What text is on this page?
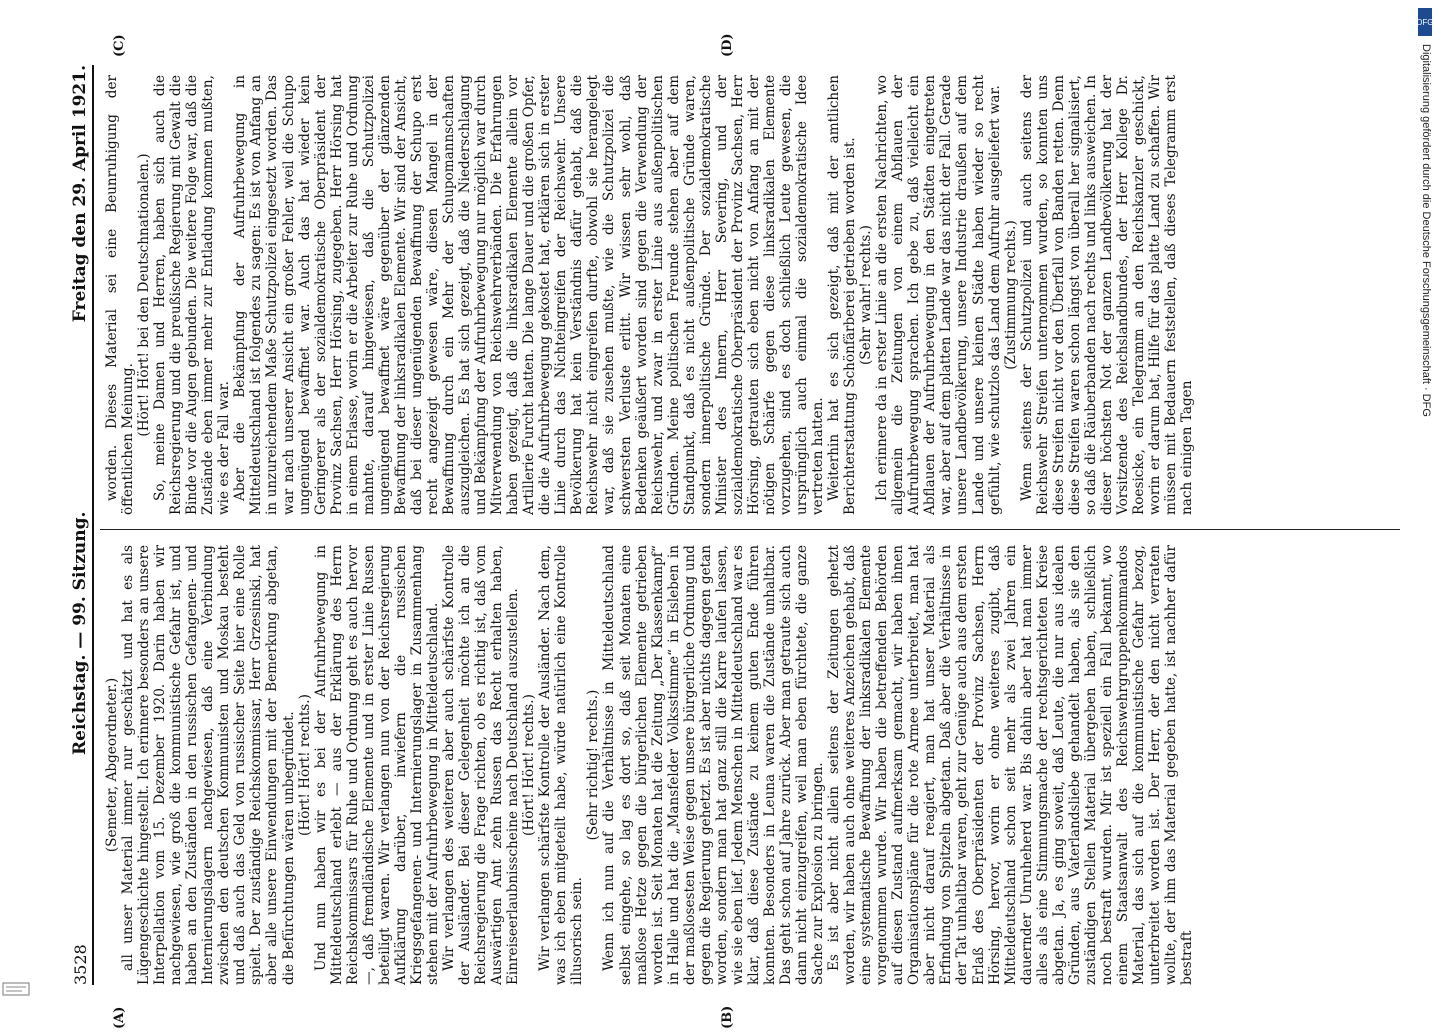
3528
Reichstag. — 99. Sitzung.
Freitag den 29. April 1921.
(A)	(B)
(C)	(D)

(Semeter, Abgeordneter.) all unser Material immer nur geschätzt und hat es als Lügengeschichte hingestellt. Ich erinnere besonders an unsere Interpellation vom 15. Dezember 1920. Darin haben wir nachgewiesen, wie groß die kommunistische Gefahr ist, und haben an den Zuständen in den russischen Gefangenen- und Internierungslagern nachgewiesen, daß eine Verbindung zwischen den deutschen Kommunisten und Moskau besteht und daß auch das Geld von russischer Seite hier eine Rolle spielt. Der zuständige Reichskommissar, Herr Grzesinski, hat aber alle unsere Einwendungen mit der Bemerkung abgetan, die Befürchtungen wären unbegründet. (Hört! Hört! rechts.) Und nun haben wir es bei der Aufruhrbewegung in Mitteldeutschland erlebt — aus der Erklärung des Herrn Reichskommissars für Ruhe und Ordnung geht es auch hervor —, daß fremdländische Elemente und in erster Linie Russen beteiligt waren. Wir verlangen nun von der Reichsregierung Aufklärung darüber, inwiefern die russischen Kriegsgefangenen- und Internierungslager in Zusammenhang stehen mit der Aufruhrbewegung in Mitteldeutschland. Wir verlangen des weiteren aber auch schärfste Kontrolle der Ausländer. Bei dieser Gelegenheit möchte ich an die Reichsregierung die Frage richten, ob es richtig ist, daß vom Auswärtigen Amt zehn Russen das Recht erhalten haben, Einreiseerlaubnisscheine nach Deutschland auszustellen. (Hört! Hört! rechts.) Wir verlangen schärfste Kontrolle der Ausländer. Nach dem, was ich eben mitgeteilt habe, würde natürlich eine Kontrolle illusorisch sein.

(Sehr richtig! rechts.) Wenn ich nun auf die Verhältnisse in Mitteldeutschland selbst eingehe, so lag es dort so, daß seit Monaten eine maßlose Hetze gegen die bürgerlichen Elemente getrieben worden ist. Seit Monaten hat die Zeitung „Der Klassenkampf“ in Halle und hat die „Mansfelder Volksstimme“ in Eisleben in der maßlosesten Weise gegen unsere bürgerliche Ordnung und gegen die Regierung gehetzt. Es ist aber nichts dagegen getan worden, sondern man hat ganz still die Karre laufen lassen, wie sie eben lief. Jedem Menschen in Mitteldeutschland war es klar, daß diese Zustände zu keinem guten Ende führen konnten. Besonders in Leuna waren die Zustände unhaltbar. Das geht schon auf Jahre zurück. Aber man getraute sich auch dann nicht einzugreifen, weil man eben fürchtete, die ganze Sache zur Explosion zu bringen. Es ist aber nicht allein seitens der Zeitungen gehetzt worden, wir haben auch ohne weiteres Anzeichen gehabt, daß eine systematische Bewaffnung der linksradikalen Elemente vorgenommen wurde. Wir haben die betreffenden Behörden auf diesen Zustand aufmerksam gemacht, wir haben ihnen Organisationspläne für die rote Armee unterbreitet, man hat aber nicht darauf reagiert, man hat unser Material als Erfindung von Spitzeln abgetan. Daß aber die Verhältnisse in der Tat unhaltbar waren, geht zur Genüge auch aus dem ersten Erlaß des Oberpräsidenten der Provinz Sachsen, Herrn Hörsing, hervor, worin er ohne weiteres zugibt, daß Mitteldeutschland schon seit mehr als zwei Jahren ein dauernder Unruheherd war. Bis dahin aber hat man immer alles als eine Stimmungsmache der rechtsgerichteten Kreise abgetan. Ja, es ging soweit, daß Leute, die nur aus idealen Gründen, aus Vaterlandsliebe gehandelt haben, als sie den zuständigen Stellen Material übergeben haben, schließlich noch bestraft wurden. Mir ist speziell ein Fall bekannt, wo einem Staatsanwalt des Reichswehrgruppenkommandos Material, das sich auf die kommunistische Gefahr bezog, unterbreitet worden ist. Der Herr, der den nicht verraten wollte, der ihm das Material gegeben hatte, ist nachher dafür bestraft

worden. Dieses Material sei eine Beunruhigung der öffentlichen Meinung.

(Hört! Hört! bei den Deutschnationalen.) So, meine Damen und Herren, haben sich auch die Reichsregierung und die preußische Regierung mit Gewalt die Binde vor die Augen gebunden. Die weitere Folge war, daß die Zustände eben immer mehr zur Entladung kommen mußten, wie es der Fall war. Aber die Bekämpfung der Aufruhrbewegung in Mitteldeutschland ist folgendes zu sagen: Es ist von Anfang an in unzureichendem Maße Schutzpolizei eingesetzt worden. Das war nach unserer Ansicht ein großer Fehler, weil die Schupo ungenügend bewaffnet war. Auch das hat wieder kein Geringerer als der sozialdemokratische Oberpräsident der Provinz Sachsen, Herr Hörsing, zugegeben. Herr Hörsing hat in einem Erlasse, worin er die Arbeiter zur Ruhe und Ordnung mahnte, darauf hingewiesen, daß die Schutzpolizei ungenügend bewaffnet wäre gegenüber der glänzenden Bewaffnung der linksradikalen Elemente. Wir sind der Ansicht, daß bei dieser ungenügenden Bewaffnung der Schupo erst recht angezeigt gewesen wäre, diesen Mangel in der Bewaffnung durch ein Mehr der Schupomannschaften auszugleichen. Es hat sich gezeigt, daß die Niederschlagung und Bekämpfung der Aufruhrbewegung nur möglich war durch Mitverwendung von Reichswehrverbänden. Die Erfahrungen haben gezeigt, daß die linksradikalen Elemente allein vor Artillerie Furcht hatten. Die lange Dauer und die großen Opfer, die die Aufruhrbewegung gekostet hat, erklären sich in erster Linie durch das Nichteingreifen der Reichswehr. Unsere Bevölkerung hat kein Verständnis dafür gehabt, daß die Reichswehr nicht eingreifen durfte, obwohl sie herangelegt war, daß sie zusehen mußte, wie die Schutzpolizei die schwersten Verluste erlitt. Wir wissen sehr wohl, daß Bedenken geäußert worden sind gegen die Verwendung der Reichswehr, und zwar in erster Linie aus außenpolitischen Gründen. Meine politischen Freunde stehen aber auf dem Standpunkt, daß es nicht außenpolitische Gründe waren, sondern innerpolitische Gründe. Der sozialdemokratische Minister des Innern, Herr Severing, und der sozialdemokratische Oberpräsident der Provinz Sachsen, Herr Hörsing, getrauten sich eben nicht von Anfang an mit der nötigen Schärfe gegen diese linksradikalen Elemente vorzugehen, sind es doch schließlich Leute gewesen, die ursprünglich auch einmal die sozialdemokratische Idee vertreten hatten. Weiterhin hat es sich gezeigt, daß mit der amtlichen Berichterstattung Schönfärberei getrieben worden ist. (Sehr wahr! rechts.) Ich erinnere da in erster Linie an die ersten Nachrichten, wo allgemein die Zeitungen von einem Abflauen der Aufruhrbewegung sprachen. Ich gebe zu, daß vielleicht ein Abflauen der Aufruhrbewegung in den Städten eingetreten war, aber auf dem platten Lande war das nicht der Fall. Gerade unsere Landbevölkerung, unsere Industrie draußen auf dem Lande und unsere kleinen Städte haben wieder so recht gefühlt, wie schutzlos das Land dem Aufruhr ausgeliefert war. (Zustimmung rechts.) Wenn seitens der Schutzpolizei und auch seitens der Reichswehr Streifen unternommen wurden, so konnten uns diese Streifen nicht vor den Überfall von Banden retten. Denn diese Streifen waren schon längst von überall her signalisiert, so daß die Räuberbanden nach rechts und links ausweichen. In dieser höchsten Not der ganzen Landbevölkerung hat der Vorsitzende des Reichslandbundes, der Herr Kollege Dr. Roesicke, ein Telegramm an den Reichskanzler geschickt, worin er darum bat, Hilfe für das platte Land zu schaffen. Wir müssen mit Bedauern feststellen, daß dieses Telegramm erst nach einigen Tagen

DFG
Digitalisierung gefördert durch die Deutsche Forschungsgemeinschaft · DFG
